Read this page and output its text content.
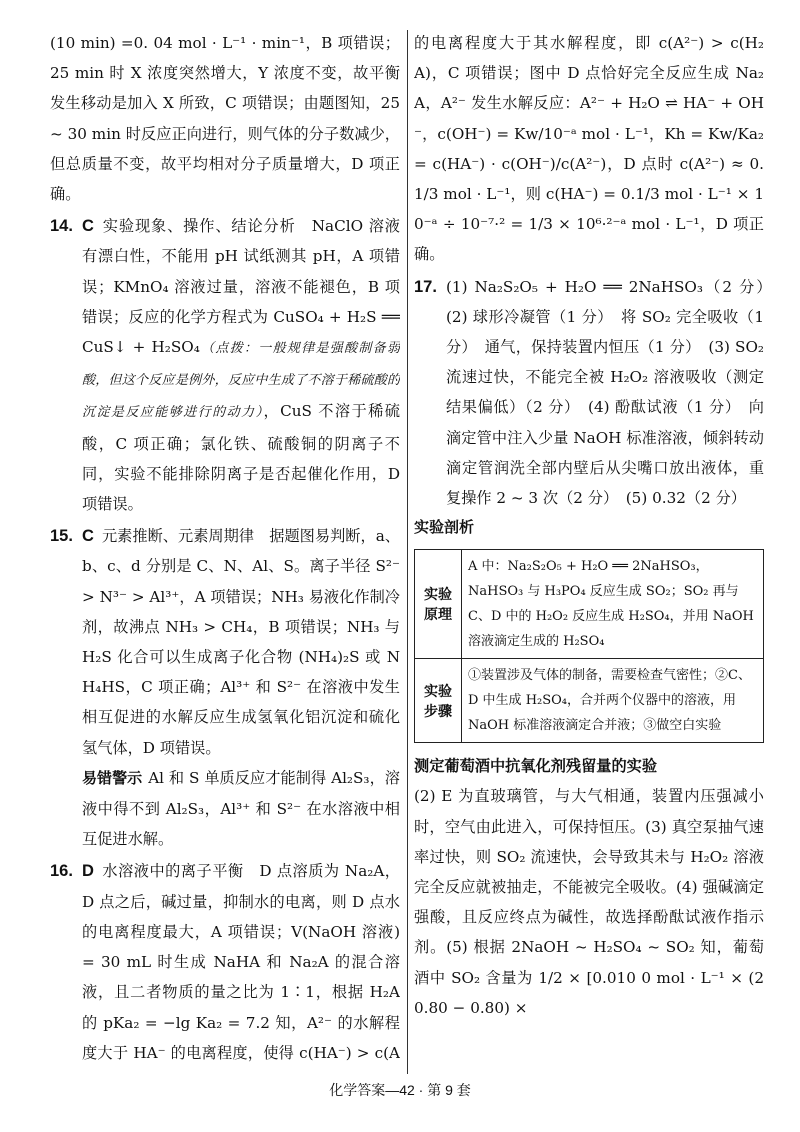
(10 min) =0. 04 mol · L⁻¹ · min⁻¹，B 项错误；25 min 时 X 浓度突然增大，Y 浓度不变，故平衡发生移动是加入 X 所致，C 项错误；由题图知，25 ~ 30 min 时反应正向进行，则气体的分子数减少，但总质量不变，故平均相对分子质量增大，D 项正确。

14. C 实验现象、操作、结论分析　NaClO 溶液有漂白性，不能用 pH 试纸测其 pH，A 项错误；KMnO₄ 溶液过量，溶液不能褪色，B 项错误；反应的化学方程式为 CuSO₄ + H₂S ══ CuS↓ + H₂SO₄（点拨：一般规律是强酸制备弱酸，但这个反应是例外，反应中生成了不溶于稀硫酸的沉淀是反应能够进行的动力），CuS 不溶于稀硫酸，C 项正确；氯化铁、硫酸铜的阴离子不同，实验不能排除阴离子是否起催化作用，D 项错误。
15. C 元素推断、元素周期律　据题图易判断，a、b、c、d 分别是 C、N、Al、S。离子半径 S²⁻ > N³⁻ > Al³⁺，A 项错误；NH₃ 易液化作制冷剂，故沸点 NH₃ > CH₄，B 项错误；NH₃ 与 H₂S 化合可以生成离子化合物 (NH₄)₂S 或 NH₄HS，C 项正确；Al³⁺ 和 S²⁻ 在溶液中发生相互促进的水解反应生成氢氧化铝沉淀和硫化氢气体，D 项错误。

易错警示 Al 和 S 单质反应才能制得 Al₂S₃，溶液中得不到 Al₂S₃，Al³⁺ 和 S²⁻ 在水溶液中相互促进水解。

16. D 水溶液中的离子平衡　D 点溶质为 Na₂A，D 点之后，碱过量，抑制水的电离，则 D 点水的电离程度最大，A 项错误；V(NaOH 溶液) = 30 mL 时生成 NaHA 和 Na₂A 的混合溶液，且二者物质的量之比为 1∶1，根据 H₂A 的 pKa₂ = −lg Ka₂ = 7.2 知，A²⁻ 的水解程度大于 HA⁻ 的电离程度，使得 c(HA⁻) > c(A

的电离程度大于其水解程度，即 c(A²⁻) > c(H₂A)，C 项错误；图中 D 点恰好完全反应生成 Na₂A，A²⁻ 发生水解反应：A²⁻ + H₂O ⇌ HA⁻ + OH⁻，c(OH⁻) = Kw/10⁻ᵃ mol · L⁻¹，Kh = Kw/Ka₂ = c(HA⁻) · c(OH⁻)/c(A²⁻)，D 点时 c(A²⁻) ≈ 0.1/3 mol · L⁻¹，则 c(HA⁻) = 0.1/3 mol · L⁻¹ × 10⁻ᵃ ÷ 10⁻⁷·² = 1/3 × 10⁶·²⁻ᵃ mol · L⁻¹，D 项正确。

17. (1) Na₂S₂O₅ + H₂O ══ 2NaHSO₃（2 分）　(2) 球形冷凝管（1 分）　将 SO₂ 完全吸收（1 分）　通气，保持装置内恒压（1 分）　(3) SO₂ 流速过快，不能完全被 H₂O₂ 溶液吸收（测定结果偏低）（2 分）　(4) 酚酞试液（1 分）　向滴定管中注入少量 NaOH 标准溶液，倾斜转动滴定管润洗全部内壁后从尖嘴口放出液体，重复操作 2 ~ 3 次（2 分）　(5) 0.32（2 分）

实验剖析

实验原理	A 中：Na₂S₂O₅ + H₂O ══ 2NaHSO₃，NaHSO₃ 与 H₃PO₄ 反应生成 SO₂；SO₂ 再与 C、D 中的 H₂O₂ 反应生成 H₂SO₄，并用 NaOH 溶液滴定生成的 H₂SO₄
实验步骤	①装置涉及气体的制备，需要检查气密性；②C、D 中生成 H₂SO₄，合并两个仪器中的溶液，用 NaOH 标准溶液滴定合并液；③做空白实验

测定葡萄酒中抗氧化剂残留量的实验

(2) E 为直玻璃管，与大气相通，装置内压强减小时，空气由此进入，可保持恒压。(3) 真空泵抽气速率过快，则 SO₂ 流速快，会导致其未与 H₂O₂ 溶液完全反应就被抽走，不能被完全吸收。(4) 强碱滴定强酸，且反应终点为碱性，故选择酚酞试液作指示剂。(5) 根据 2NaOH ~ H₂SO₄ ~ SO₂ 知，葡萄酒中 SO₂ 含量为 1/2 × [0.010 0 mol · L⁻¹ × (20.80 − 0.80) ×

化学答案—42 · 第 9 套
